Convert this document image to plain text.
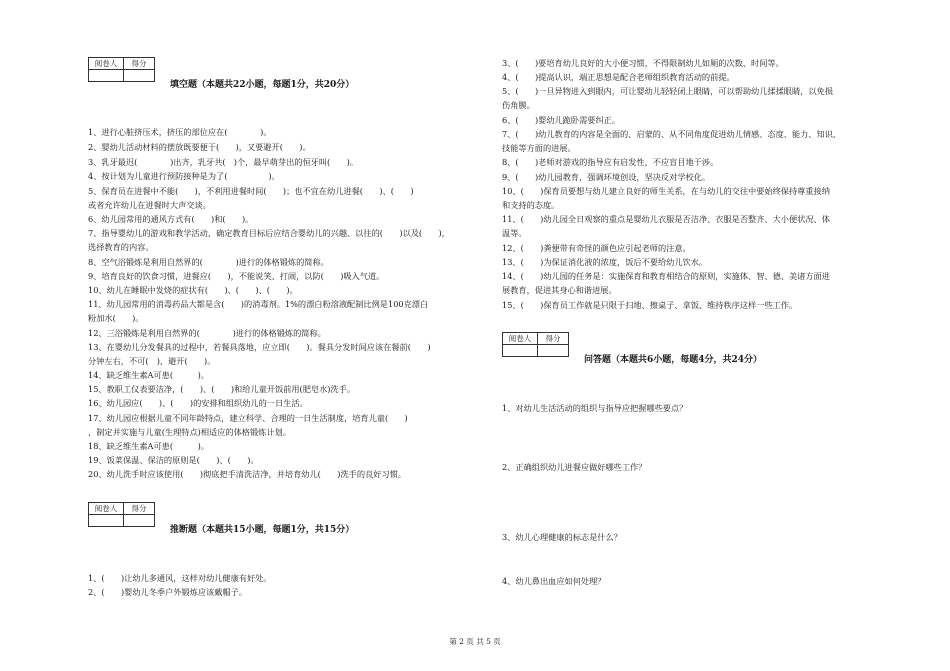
阅卷人	得分

填空题（本题共22小题，每题1分，共20分）
1、进行心脏挤压术，挤压的部位应在(　　　　)。
2、婴幼儿活动材料的摆放既要便于(　　)，又要避开(　　)。
3、乳牙最迟(　　　　)出齐，乳牙共(　)个，最早萌芽出的恒牙叫(　　)。
4、按计划为儿童进行预防接种是为了(　　　　　)。
5、保育员在进餐中不能(　　)，不利用进餐时间(　　)；也不宜在幼儿进餐(　　)、(　　)
或者允许幼儿在进餐时大声交谈。
6、幼儿园常用的通风方式有(　　)和(　　)。
7、指导婴幼儿的游戏和教学活动，确定教育目标后应结合婴幼儿的兴趣、以往的(　　)以及(　　)，
选择教育的内容。
8、空气浴锻炼是利用自然界的(　　　　)进行的体格锻炼的简称。
9、培育良好的饮食习惯，进餐应(　　)，不能说笑、打闹，以防(　　)吸入气道。
10、幼儿在睡眠中发烧的症状有(　　)、(　　)、(　　)。
11、幼儿园常用的消毒药品大都是含(　　)的消毒剂。1%的漂白粉溶液配制比例是100克漂白
粉加水(　　)。
12、三浴锻炼是利用自然界的(　　　　)进行的体格锻炼的简称。
13、在婴幼儿分发餐具的过程中，若餐具落地，应立即(　　)。餐具分发时间应该在餐前(　　)
分钟左右，不可(　)，避开(　　)。
14、缺乏维生素A可患(　　　)。
15、教职工仪表要洁净，(　　)、(　　)和给儿童开饭前用(肥皂水)洗手。
16、幼儿园应(　　)、(　　)的安排和组织幼儿的一日生活。
17、幼儿园应根据儿童不同年龄特点，建立科学、合理的一日生活制度，培育儿童(　　)
，制定并实施与儿童(生理特点)相适应的体格锻炼计划。
18、缺乏维生素A可患(　　　)。
19、饭菜保温、保洁的原则是(　　)、(　　)。
20、幼儿洗手时应该使用(　　)彻底把手清洗洁净，并培育幼儿(　　)洗手的良好习惯。
阅卷人	得分

推断题（本题共15小题，每题1分，共15分）
1、(　　)让幼儿多通风，这样对幼儿健康有好处。
2、(　　)婴幼儿冬季户外锻炼应该戴帽子。
3、(　　)要培育幼儿良好的大小便习惯，不得限制幼儿如厕的次数、时间等。
4、(　　)提高认识，端正思想是配合老师组织教育活动的前提。
5、(　　)一旦异物进入到眼内，可让婴幼儿轻轻闭上眼睛，可以帮助幼儿揉揉眼睛，以免损
伤角膜。
6、(　　)婴幼儿跪卧需要纠正。
7、(　　)幼儿教育的内容是全面的、启蒙的、从不同角度促进幼儿情感、态度、能力、知识、
技能等方面的进展。
8、(　　)老师对游戏的指导应有启发性，不应盲目地干涉。
9、(　　)幼儿园教育，强调环境创设，坚决反对学校化。
10、(　　)保育员要想与幼儿建立良好的师生关系，在与幼儿的交往中要始终保持尊重接纳
和支持的态度。
11、(　　)幼儿园全日观察的重点是婴幼儿衣服是否洁净、衣服是否整齐、大小便状况、体
温等。
12、(　　)粪便带有奇怪的颜色应引起老师的注意。
13、(　　)为保证消化液的浓度，饭后不要给幼儿饮水。
14、(　　)幼儿园的任务是：实施保育和教育相结合的原则，实施体、智、德、美诸方面进
展教育，促进其身心和谐进展。
15、(　　)保育员工作就是只限于扫地、擦桌子、拿饭、维持秩序这样一些工作。
阅卷人	得分

问答题（本题共6小题，每题4分，共24分）
1、对幼儿生活活动的组织与指导应把握哪些要点？
2、正确组织幼儿进餐应做好哪些工作？
3、幼儿心理健康的标志是什么？
4、幼儿鼻出血应如何处理？
第 2 页 共 5 页
